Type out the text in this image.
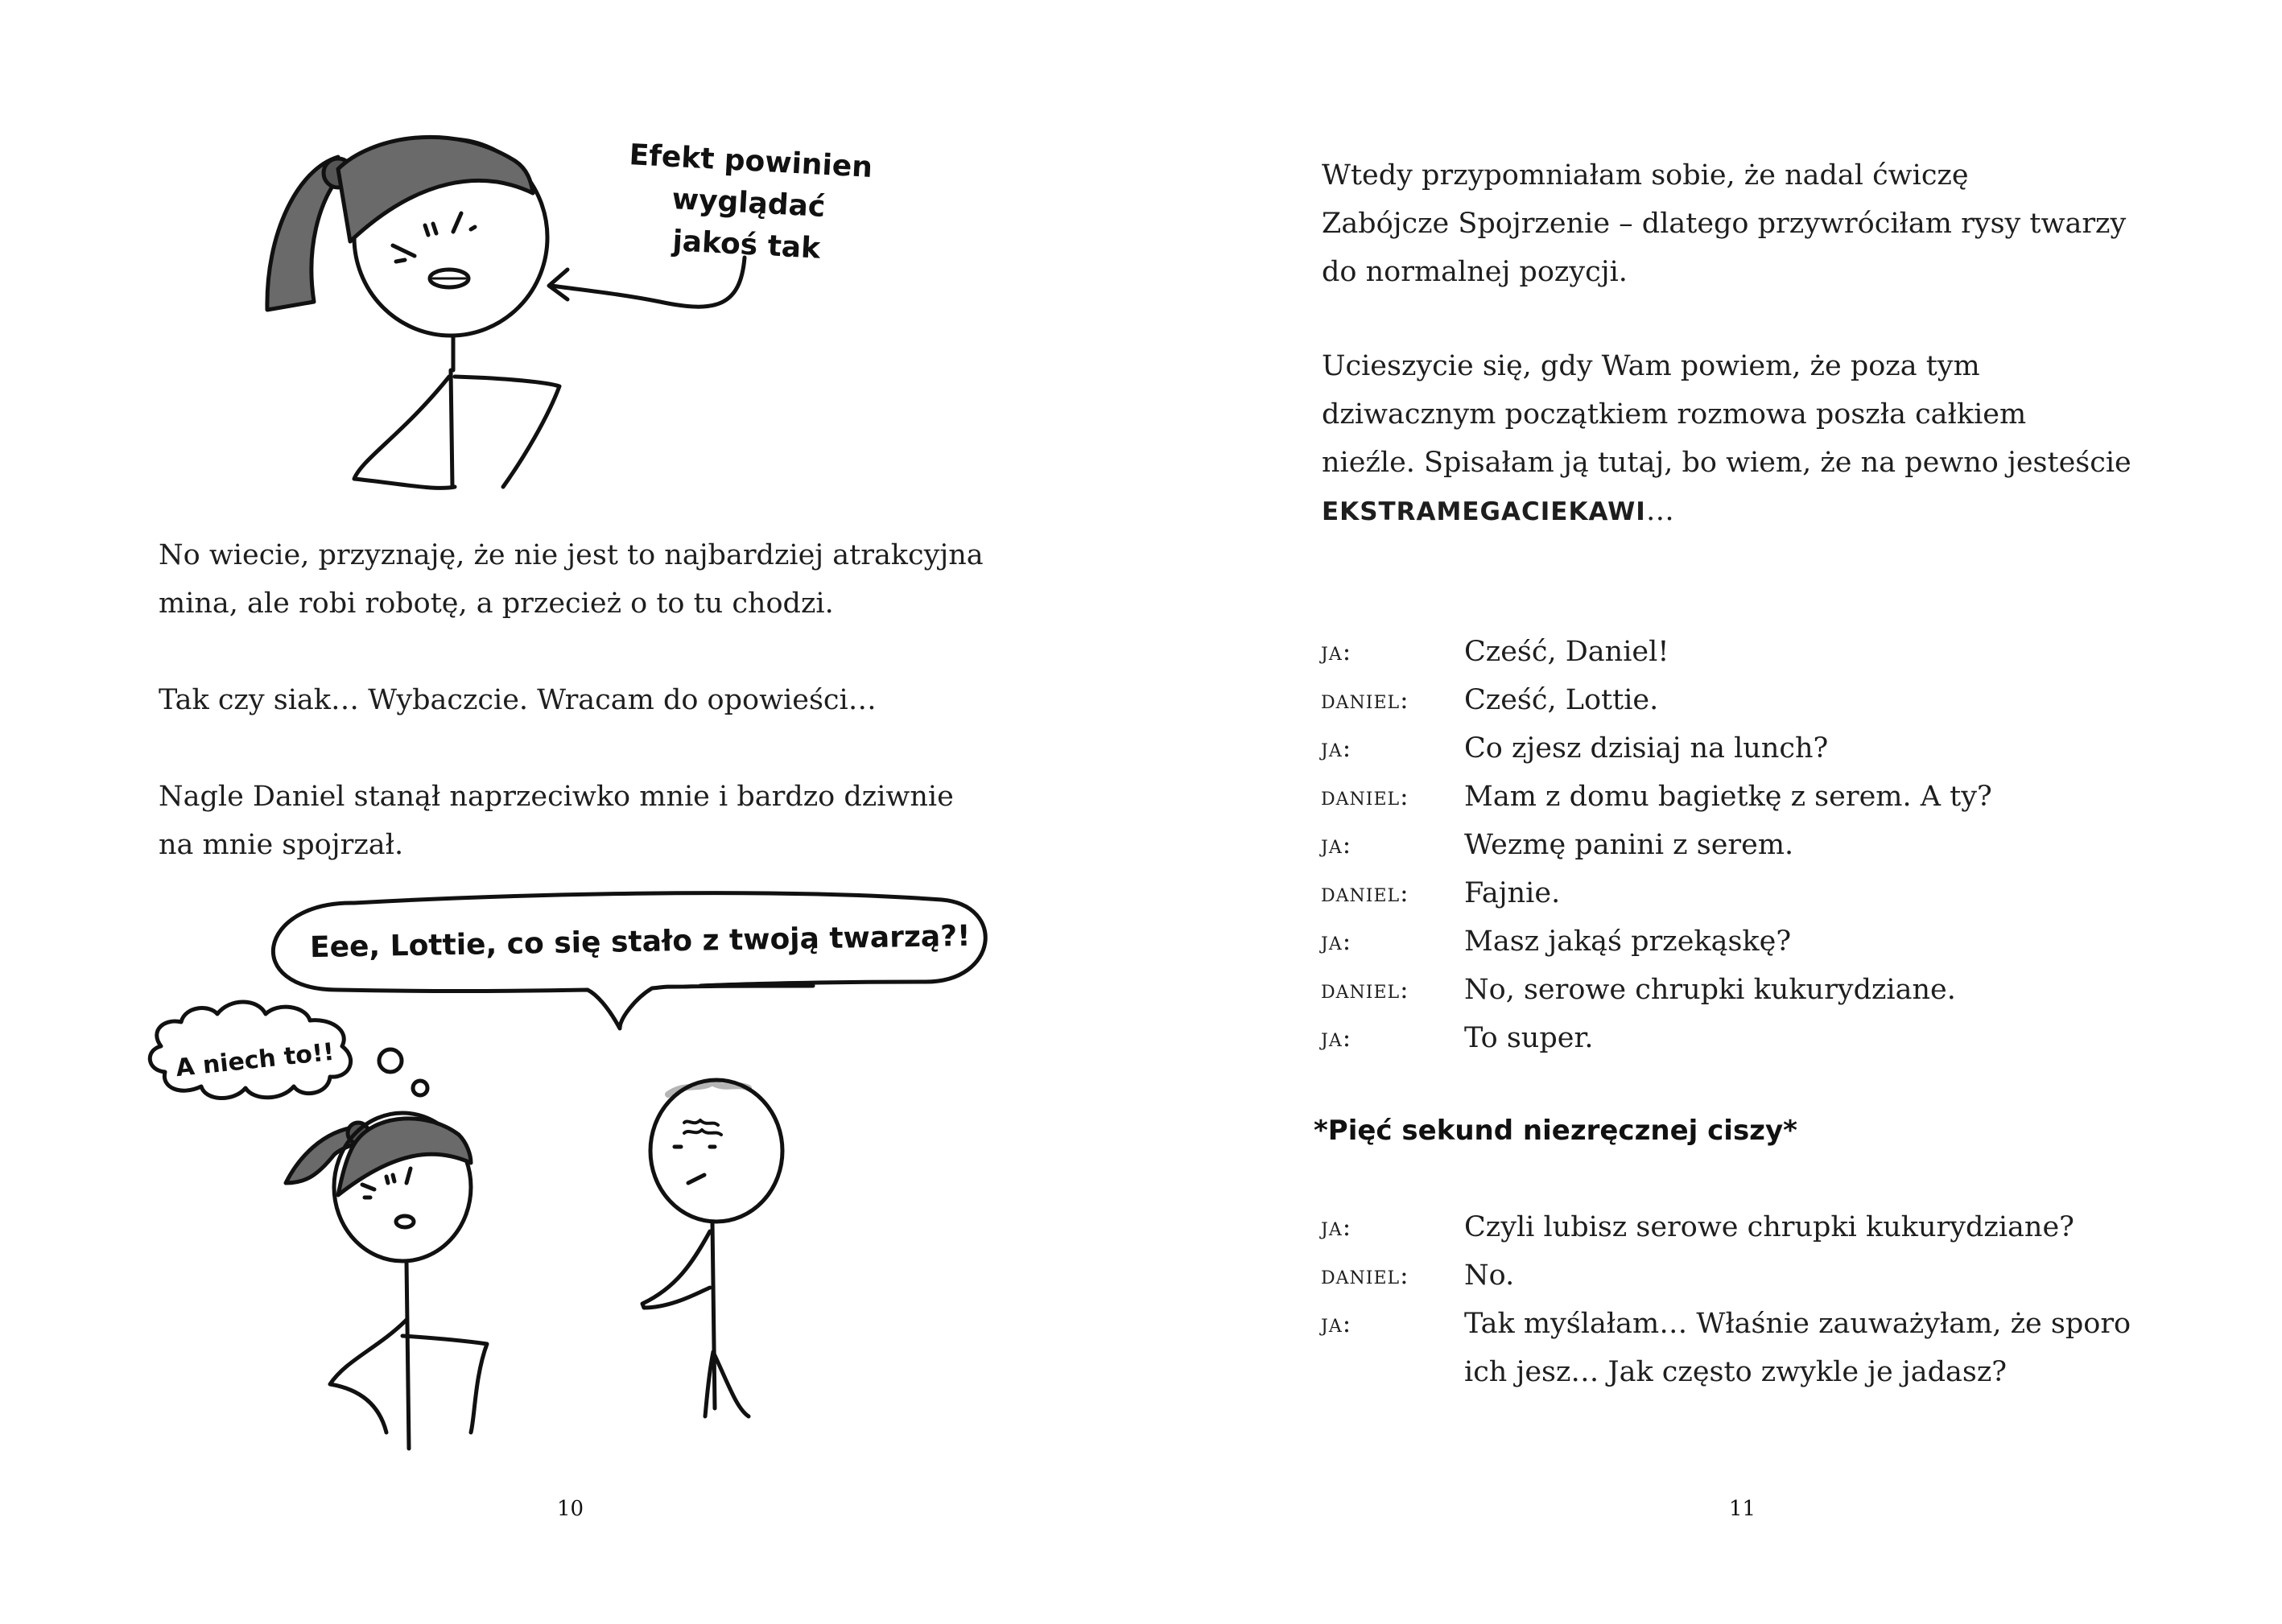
Efekt powinien
wyglądać
jakoś tak
No wiecie, przyznaję, że nie jest to najbardziej atrakcyjna
mina, ale robi robotę, a przecież o to tu chodzi.
Tak czy siak… Wybaczcie. Wracam do opowieści…
Nagle Daniel stanął naprzeciwko mnie i bardzo dziwnie
na mnie spojrzał.
Eee, Lottie, co się stało z twoją twarzą?!
A niech to!!
10
Wtedy przypomniałam sobie, że nadal ćwiczę
Zabójcze Spojrzenie – dlatego przywróciłam rysy twarzy
do normalnej pozycji.
Ucieszycie się, gdy Wam powiem, że poza tym
dziwacznym początkiem rozmowa poszła całkiem
nieźle. Spisałam ją tutaj, bo wiem, że na pewno jesteście
EKSTRAMEGACIEKAWI…
ja:	Cześć, Daniel!
daniel:	Cześć, Lottie.
ja:	Co zjesz dzisiaj na lunch?
daniel:	Mam z domu bagietkę z serem. A ty?
ja:	Wezmę panini z serem.
daniel:	Fajnie.
ja:	Masz jakąś przekąskę?
daniel:	No, serowe chrupki kukurydziane.
ja:	To super.
*Pięć sekund niezręcznej ciszy*
ja:	Czyli lubisz serowe chrupki kukurydziane?
daniel:	No.
ja:	Tak myślałam… Właśnie zauważyłam, że sporo
ich jesz… Jak często zwykle je jadasz?
11
